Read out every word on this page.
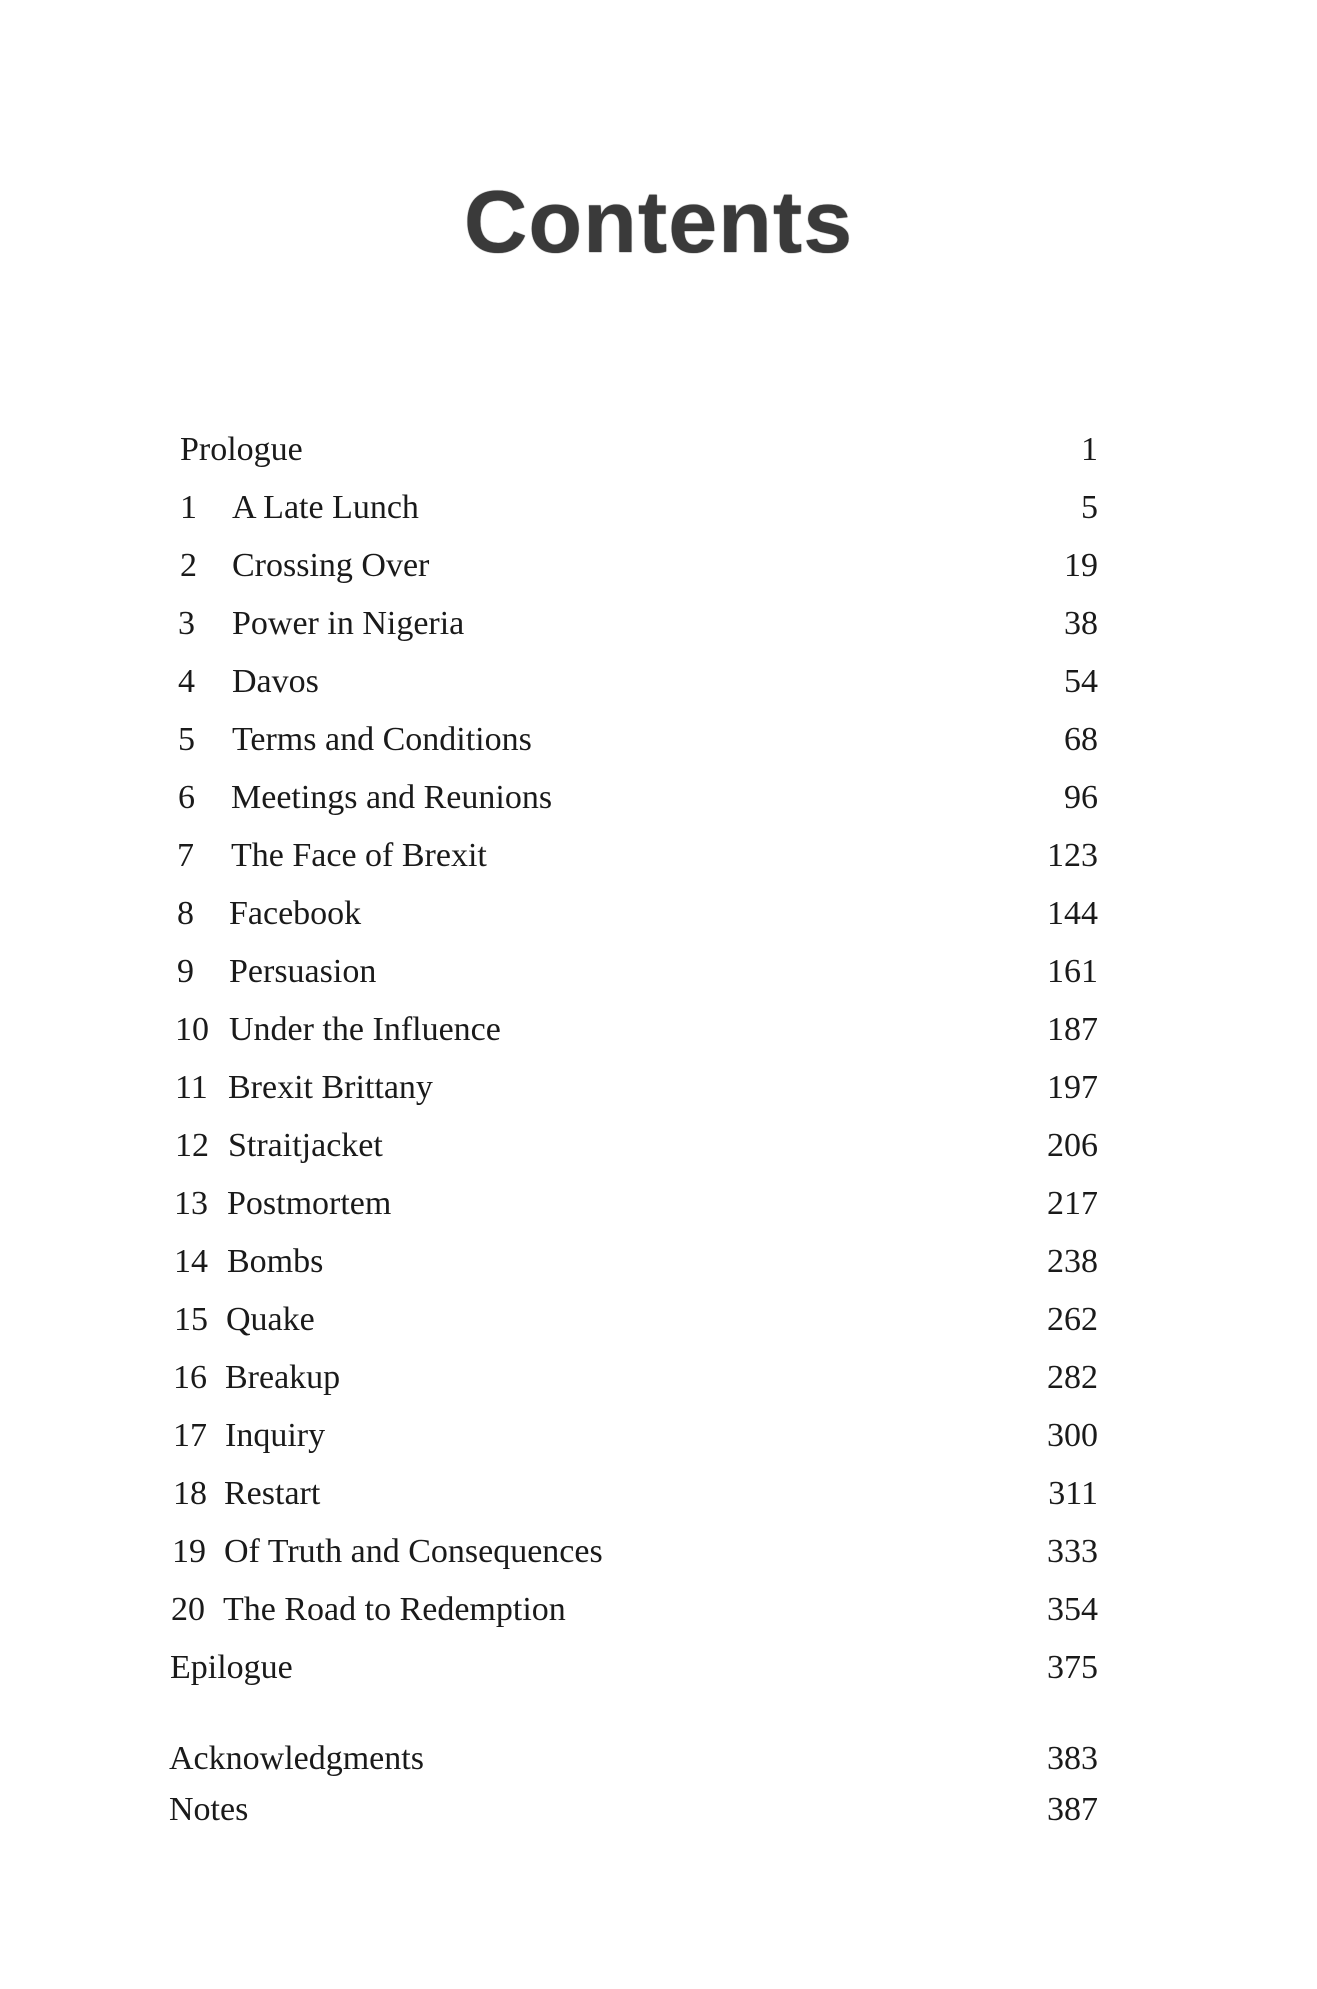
Contents
Prologue	1
1 A Late Lunch	5
2 Crossing Over	19
3 Power in Nigeria	38
4 Davos	54
5 Terms and Conditions	68
6 Meetings and Reunions	96
7 The Face of Brexit	123
8 Facebook	144
9 Persuasion	161
10 Under the Influence	187
11 Brexit Brittany	197
12 Straitjacket	206
13 Postmortem	217
14 Bombs	238
15 Quake	262
16 Breakup	282
17 Inquiry	300
18 Restart	311
19 Of Truth and Consequences	333
20 The Road to Redemption	354
Epilogue	375
Acknowledgments	383
Notes	387
